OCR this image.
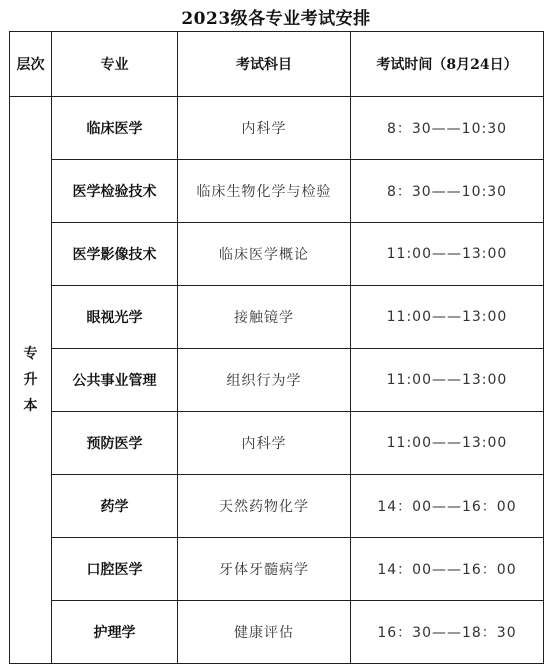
2023级各专业考试安排
层次	专业	考试科目	考试时间（8月24日）

专
升
本	临床医学	内科学	8：30——10:30
	医学检验技术	临床生物化学与检验	8：30——10:30
	医学影像技术	临床医学概论	11:00——13:00
	眼视光学	接触镜学	11:00——13:00
	公共事业管理	组织行为学	11:00——13:00
	预防医学	内科学	11:00——13:00
	药学	天然药物化学	14：00——16：00
	口腔医学	牙体牙髓病学	14：00——16：00
	护理学	健康评估	16：30——18：30
